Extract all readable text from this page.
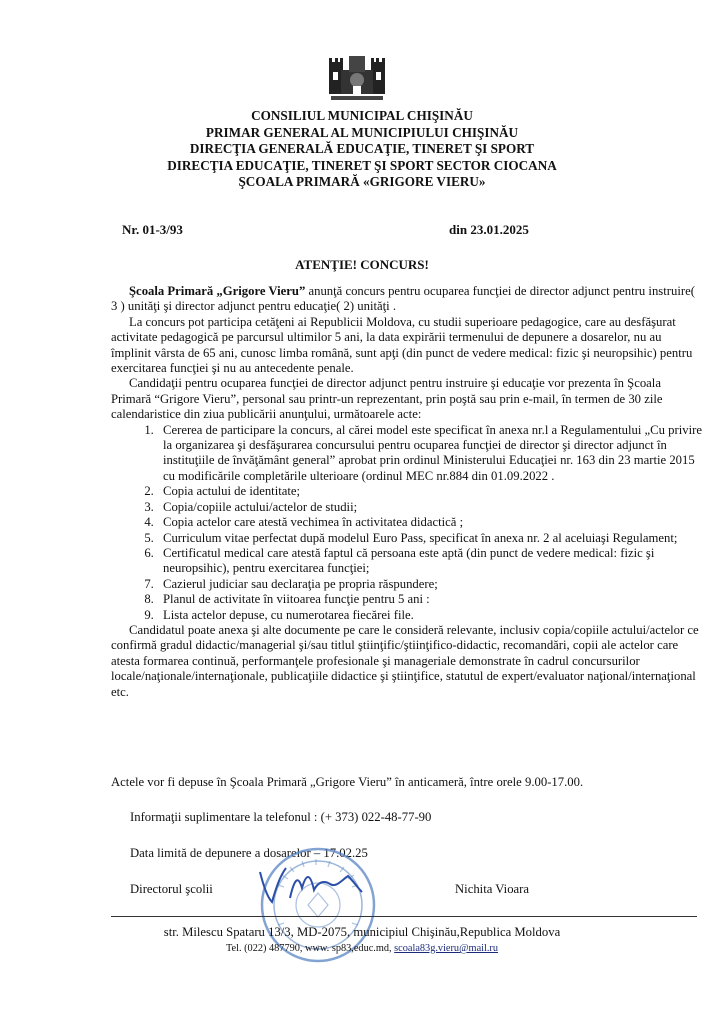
CONSILIUL MUNICIPAL CHIŞINĂU
PRIMAR GENERAL AL MUNICIPIULUI CHIŞINĂU
DIRECŢIA GENERALĂ EDUCAŢIE, TINERET ŞI SPORT
DIRECŢIA EDUCAŢIE, TINERET ŞI SPORT SECTOR CIOCANA
ŞCOALA PRIMARĂ «GRIGORE VIERU»
Nr. 01-3/93	din 23.01.2025
ATENŢIE! CONCURS!

Şcoala Primară „Grigore Vieru” anunţă concurs pentru ocuparea funcţiei de director adjunct pentru instruire( 3 ) unităţi şi director adjunct pentru educaţie( 2) unităţi .

La concurs pot participa cetăţeni ai Republicii Moldova, cu studii superioare pedagogice, care au desfăşurat activitate pedagogică pe parcursul ultimilor 5 ani, la data expirării termenului de depunere a dosarelor, nu au împlinit vârsta de 65 ani, cunosc limba română, sunt apţi (din punct de vedere medical: fizic şi neuropsihic) pentru exercitarea funcţiei şi nu au antecedente penale.

Candidaţii pentru ocuparea funcţiei de director adjunct pentru instruire şi educaţie vor prezenta în Şcoala Primară “Grigore Vieru”, personal sau printr-un reprezentant, prin poştă sau prin e-mail, în termen de 30 zile calendaristice din ziua publicării anunţului, următoarele acte:

1. Cererea de participare la concurs, al cărei model este specificat în anexa nr.l a Regulamentului „Cu privire la organizarea şi desfăşurarea concursului pentru ocuparea funcţiei de director şi director adjunct în instituţiile de învăţământ general” aprobat prin ordinul Ministerului Educaţiei nr. 163 din 23 martie 2015 cu modificările completările ulterioare (ordinul MEC nr.884 din 01.09.2022 .
2. Copia actului de identitate;
3. Copia/copiile actului/actelor de studii;
4. Copia actelor care atestă vechimea în activitatea didactică ;
5. Curriculum vitae perfectat după modelul Euro Pass, specificat în anexa nr. 2 al aceluiaşi Regulament;
6. Certificatul medical care atestă faptul că persoana este aptă (din punct de vedere medical: fizic şi neuropsihic), pentru exercitarea funcţiei;
7. Cazierul judiciar sau declaraţia pe propria răspundere;
8. Planul de activitate în viitoarea funcţie pentru 5 ani :
9. Lista actelor depuse, cu numerotarea fiecărei file.

Candidatul poate anexa şi alte documente pe care le consideră relevante, inclusiv copia/copiile actului/actelor ce confirmă gradul didactic/managerial şi/sau titlul ştiinţific/ştiinţifico-didactic, recomandări, copii ale actelor care atesta formarea continuă, performanţele profesionale şi manageriale demonstrate în cadrul concursurilor locale/naţionale/internaţionale, publicaţiile didactice şi ştiinţifice, statutul de expert/evaluator naţional/internaţional etc.

Actele vor fi depuse în Şcoala Primară „Grigore Vieru” în anticameră, între orele 9.00-17.00.
Informaţii suplimentare la telefonul : (+ 373) 022-48-77-90
Data limită de depunere a dosarelor – 17.02.25
Directorul şcolii	Nichita Vioara
str. Milescu Spataru 13/3, MD-2075, municipiul Chişinău,Republica Moldova
Tel. (022) 487790, www. sp83,educ.md, scoala83g.vieru@mail.ru
